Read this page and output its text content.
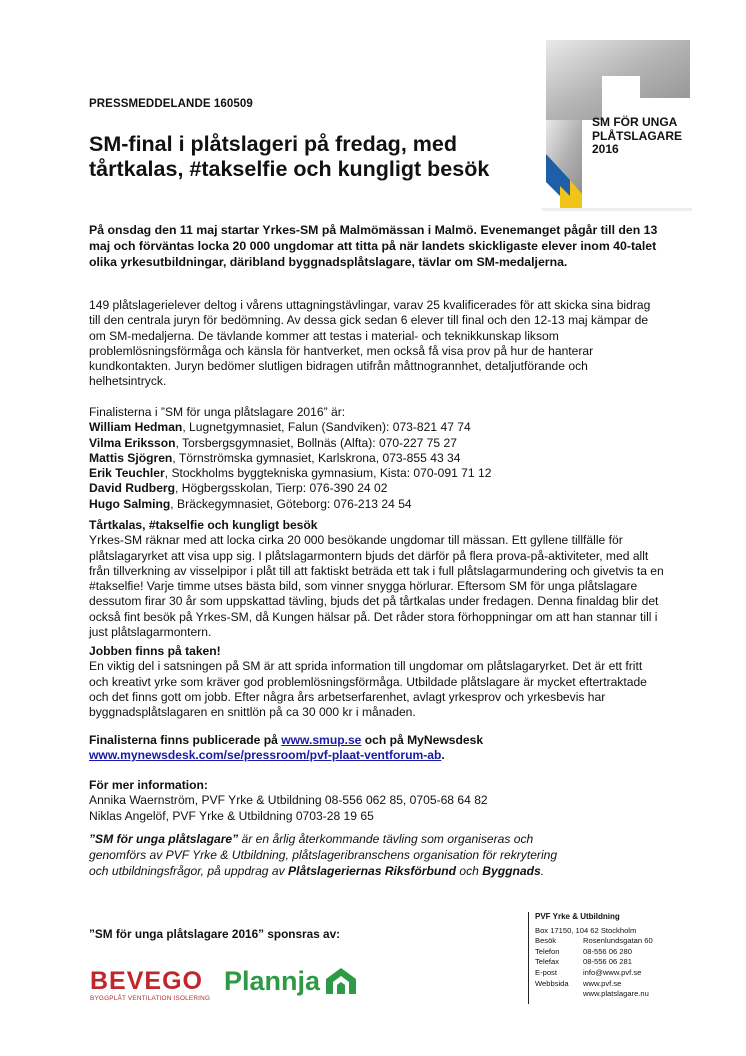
SM FÖR UNGA
PLÅTSLAGARE
2016
PRESSMEDDELANDE 160509
SM-final i plåtslageri på fredag, med
tårtkalas, #takselfie och kungligt besök
På onsdag den 11 maj startar Yrkes-SM på Malmömässan i Malmö. Evenemanget pågår till den 13 maj och förväntas locka 20 000 ungdomar att titta på när landets skickligaste elever inom 40-talet olika yrkesutbildningar, däribland byggnadsplåtslagare, tävlar om SM-medaljerna.
149 plåtslagerielever deltog i vårens uttagningstävlingar, varav 25 kvalificerades för att skicka sina bidrag till den centrala juryn för bedömning. Av dessa gick sedan 6 elever till final och den 12-13 maj kämpar de om SM-medaljerna. De tävlande kommer att testas i material- och teknikkunskap liksom problemlösningsförmåga och känsla för hantverket, men också få visa prov på hur de hanterar kundkontakten. Juryn bedömer slutligen bidragen utifrån måttnogrannhet, detaljutförande och helhetsintryck.
Finalisterna i ”SM för unga plåtslagare 2016” är:
William Hedman, Lugnetgymnasiet, Falun (Sandviken): 073-821 47 74
Vilma Eriksson, Torsbergsgymnasiet, Bollnäs (Alfta): 070-227 75 27
Mattis Sjögren, Törnströmska gymnasiet, Karlskrona, 073-855 43 34
Erik Teuchler, Stockholms byggtekniska gymnasium, Kista: 070-091 71 12
David Rudberg, Högbergsskolan, Tierp: 076-390 24 02
Hugo Salming, Bräckegymnasiet, Göteborg: 076-213 24 54
Tårtkalas, #takselfie och kungligt besök
Yrkes-SM räknar med att locka cirka 20 000 besökande ungdomar till mässan. Ett gyllene tillfälle för plåtslagaryrket att visa upp sig. I plåtslagarmontern bjuds det därför på flera prova-på-aktiviteter, med allt från tillverkning av visselpipor i plåt till att faktiskt beträda ett tak i full plåtslagarmundering och givetvis ta en #takselfie! Varje timme utses bästa bild, som vinner snygga hörlurar. Eftersom SM för unga plåtslagare dessutom firar 30 år som uppskattad tävling, bjuds det på tårtkalas under fredagen. Denna finaldag blir det också fint besök på Yrkes-SM, då Kungen hälsar på. Det råder stora förhoppningar om att han stannar till i just plåtslagarmontern.
Jobben finns på taken!
En viktig del i satsningen på SM är att sprida information till ungdomar om plåtslagaryrket. Det är ett fritt och kreativt yrke som kräver god problemlösningsförmåga. Utbildade plåtslagare är mycket eftertraktade och det finns gott om jobb. Efter några års arbetserfarenhet, avlagt yrkesprov och yrkesbevis har byggnadsplåtslagaren en snittlön på ca 30 000 kr i månaden.
Finalisterna finns publicerade på www.smup.se och på MyNewsdesk
www.mynewsdesk.com/se/pressroom/pvf-plaat-ventforum-ab.
För mer information:
Annika Waernström, PVF Yrke & Utbildning 08-556 062 85, 0705-68 64 82
Niklas Angelöf, PVF Yrke & Utbildning 0703-28 19 65
”SM för unga plåtslagare” är en årlig återkommande tävling som organiseras och genomförs av PVF Yrke & Utbildning, plåtslageribranschens organisation för rekrytering och utbildningsfrågor, på uppdrag av Plåtslageriernas Riksförbund och Byggnads.
”SM för unga plåtslagare 2016” sponsras av:
BEVEGO
BYGGPLÅT VENTILATION ISOLERING
Plannja
PVF Yrke & Utbildning
Box 17150, 104 62 Stockholm
Besök	Rosenlundsgatan 60
Telefon	08-556 06 280
Telefax	08-556 06 281
E-post	info@www.pvf.se
Webbsida	www.pvf.se
www.platslagare.nu
